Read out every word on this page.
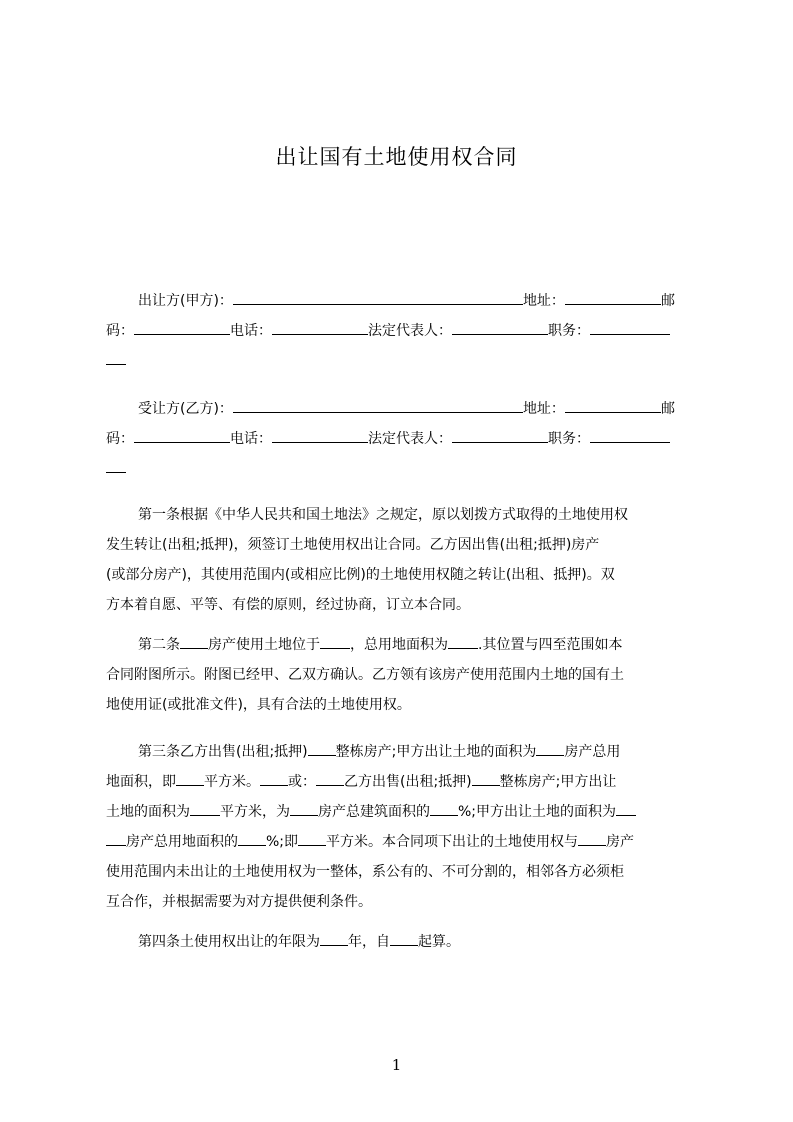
出让国有土地使用权合同
出让方(甲方)：	地址：	邮
码：	电话：	法定代表人：	职务：
受让方(乙方)：	地址：	邮
码：	电话：	法定代表人：	职务：
第一条根据《中华人民共和国土地法》之规定，原以划拨方式取得的土地使用权
发生转让(出租;抵押)，须签订土地使用权出让合同。乙方因出售(出租;抵押)房产
(或部分房产)，其使用范围内(或相应比例)的土地使用权随之转让(出租、抵押)。双
方本着自愿、平等、有偿的原则，经过协商，订立本合同。
第二条 房产使用土地位于 ，总用地面积为 .其位置与四至范围如本
合同附图所示。附图已经甲、乙双方确认。乙方领有该房产使用范围内土地的国有土
地使用证(或批准文件)，具有合法的土地使用权。
第三条乙方出售(出租;抵押) 整栋房产;甲方出让土地的面积为 房产总用
地面积，即 平方米。 或： 乙方出售(出租;抵押) 整栋房产;甲方出让
土地的面积为 平方米，为 房产总建筑面积的 %;甲方出让土地的面积为
房产总用地面积的 %;即 平方米。本合同项下出让的土地使用权与 房产
使用范围内未出让的土地使用权为一整体，系公有的、不可分割的，相邻各方必须柜
互合作，并根据需要为对方提供便利条件。
第四条土使用权出让的年限为 年，自 起算。
1
